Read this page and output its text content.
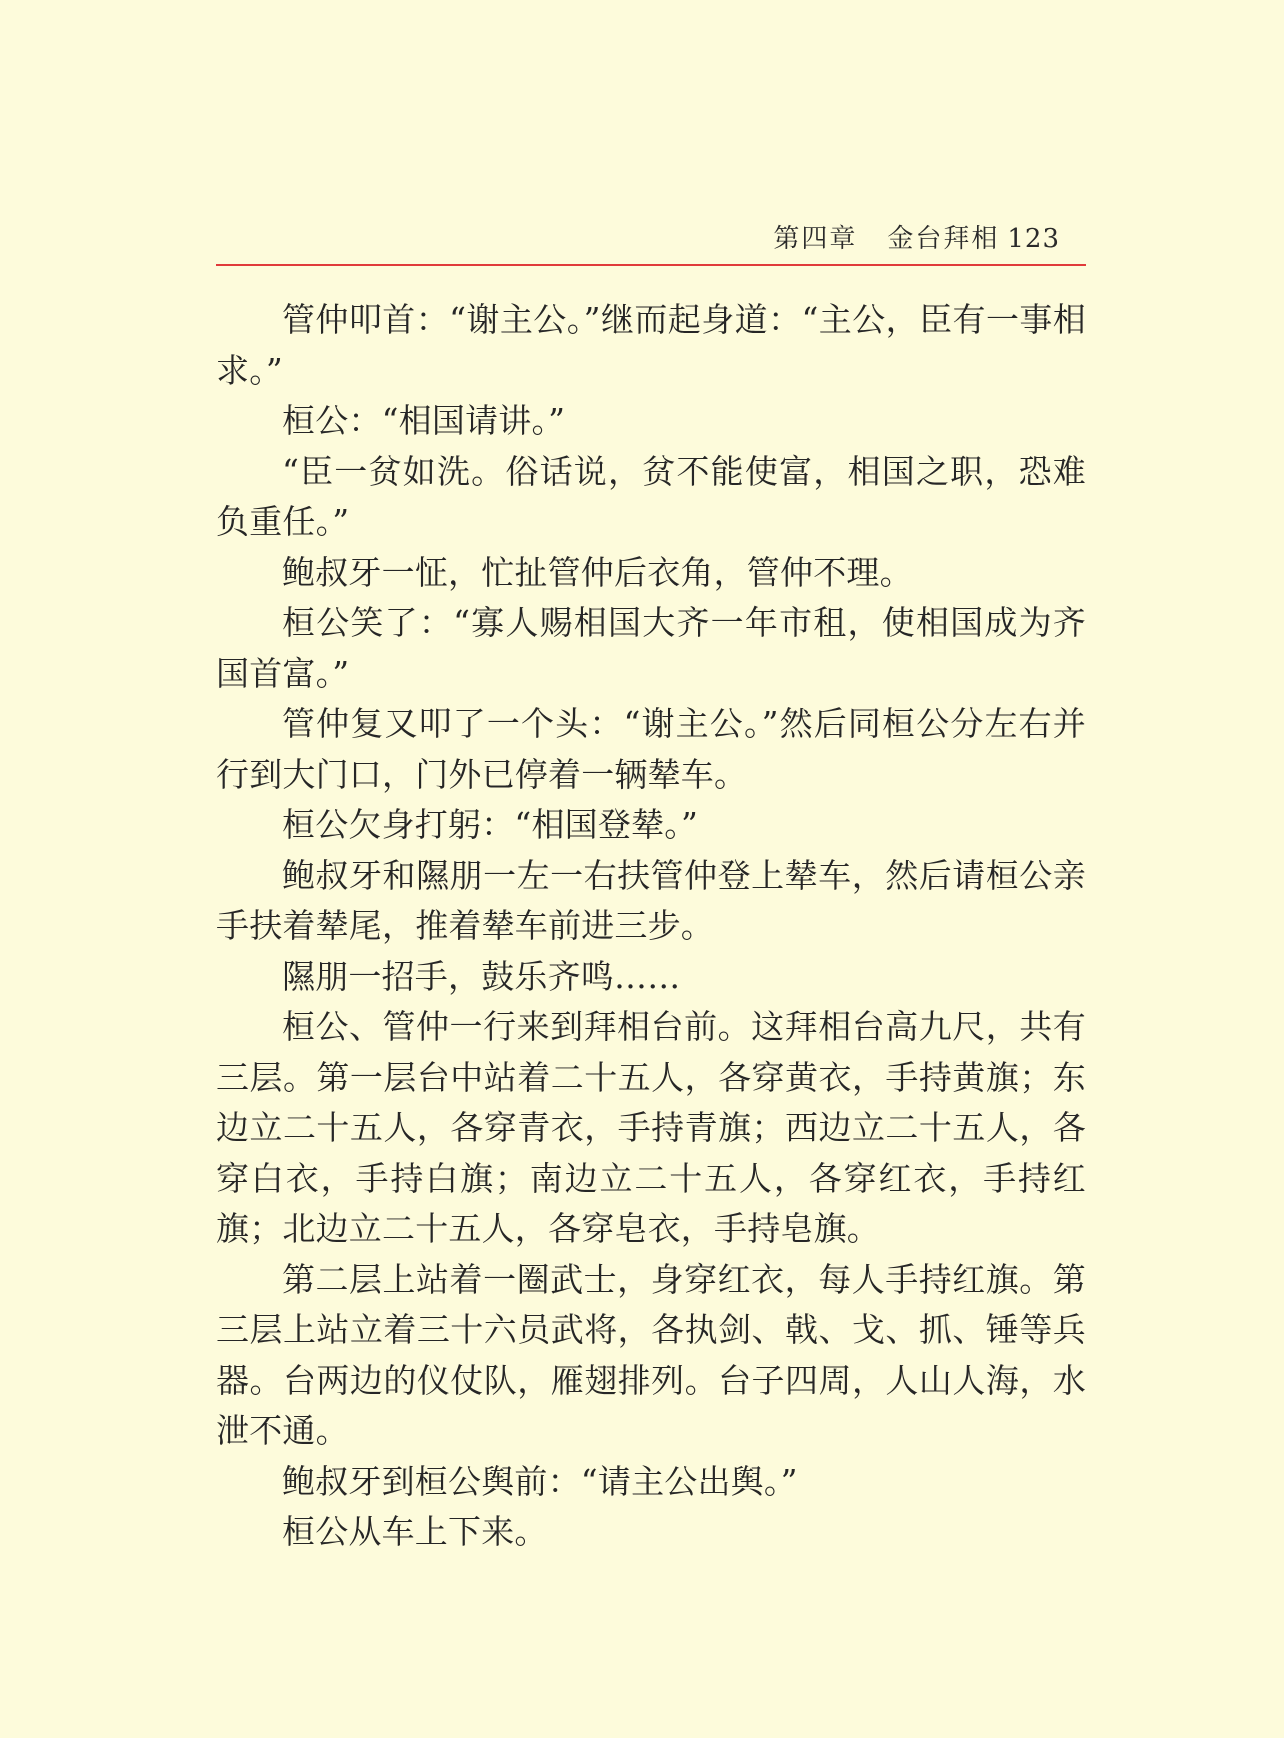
第四章 金台拜相 123

管仲叩首：“谢主公。”继而起身道：“主公，臣有一事相求。”

桓公：“相国请讲。”

“臣一贫如洗。俗话说，贫不能使富，相国之职，恐难负重任。”

鲍叔牙一怔，忙扯管仲后衣角，管仲不理。

桓公笑了：“寡人赐相国大齐一年市租，使相国成为齐国首富。”

管仲复又叩了一个头：“谢主公。”然后同桓公分左右并行到大门口，门外已停着一辆辇车。

桓公欠身打躬：“相国登辇。”

鲍叔牙和隰朋一左一右扶管仲登上辇车，然后请桓公亲手扶着辇尾，推着辇车前进三步。

隰朋一招手，鼓乐齐鸣……

桓公、管仲一行来到拜相台前。这拜相台高九尺，共有三层。第一层台中站着二十五人，各穿黄衣，手持黄旗；东边立二十五人，各穿青衣，手持青旗；西边立二十五人，各穿白衣，手持白旗；南边立二十五人，各穿红衣，手持红旗；北边立二十五人，各穿皂衣，手持皂旗。

第二层上站着一圈武士，身穿红衣，每人手持红旗。第三层上站立着三十六员武将，各执剑、戟、戈、抓、锤等兵器。台两边的仪仗队，雁翅排列。台子四周，人山人海，水泄不通。

鲍叔牙到桓公舆前：“请主公出舆。”

桓公从车上下来。
